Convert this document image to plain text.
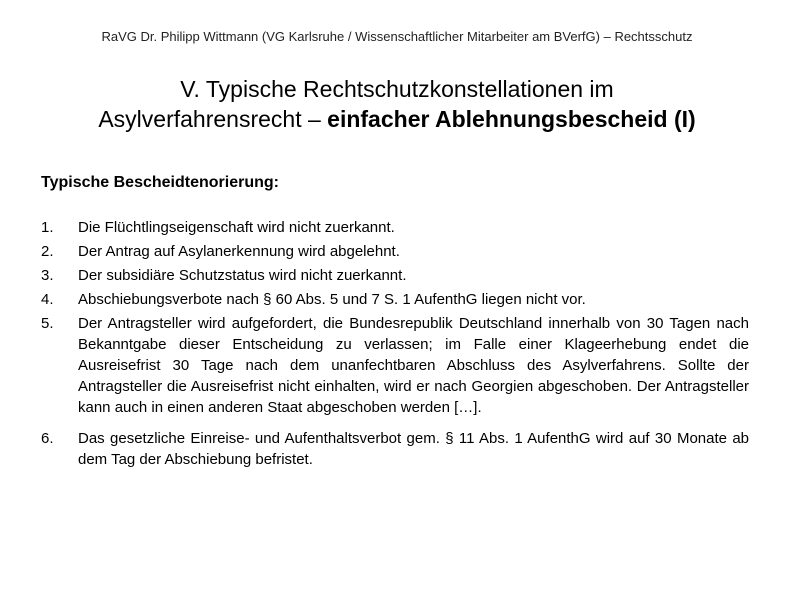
RaVG Dr. Philipp Wittmann (VG Karlsruhe / Wissenschaftlicher Mitarbeiter am BVerfG) – Rechtsschutz
V. Typische Rechtschutzkonstellationen im
Asylverfahrensrecht – einfacher Ablehnungsbescheid (I)
Typische Bescheidtenorierung:
1.	Die Flüchtlingseigenschaft wird nicht zuerkannt.
2.	Der Antrag auf Asylanerkennung wird abgelehnt.
3.	Der subsidiäre Schutzstatus wird nicht zuerkannt.
4.	Abschiebungsverbote nach § 60 Abs. 5 und 7 S. 1 AufenthG liegen nicht vor.
5.	Der Antragsteller wird aufgefordert, die Bundesrepublik Deutschland innerhalb von 30 Tagen nach Bekanntgabe dieser Entscheidung zu verlassen; im Falle einer Klageerhebung endet die Ausreisefrist 30 Tage nach dem unanfechtbaren Abschluss des Asylverfahrens. Sollte der Antragsteller die Ausreisefrist nicht einhalten, wird er nach Georgien abgeschoben. Der Antragsteller kann auch in einen anderen Staat abgeschoben werden […].
6.	Das gesetzliche Einreise- und Aufenthaltsverbot gem. § 11 Abs. 1 AufenthG wird auf 30 Monate ab dem Tag der Abschiebung befristet.
